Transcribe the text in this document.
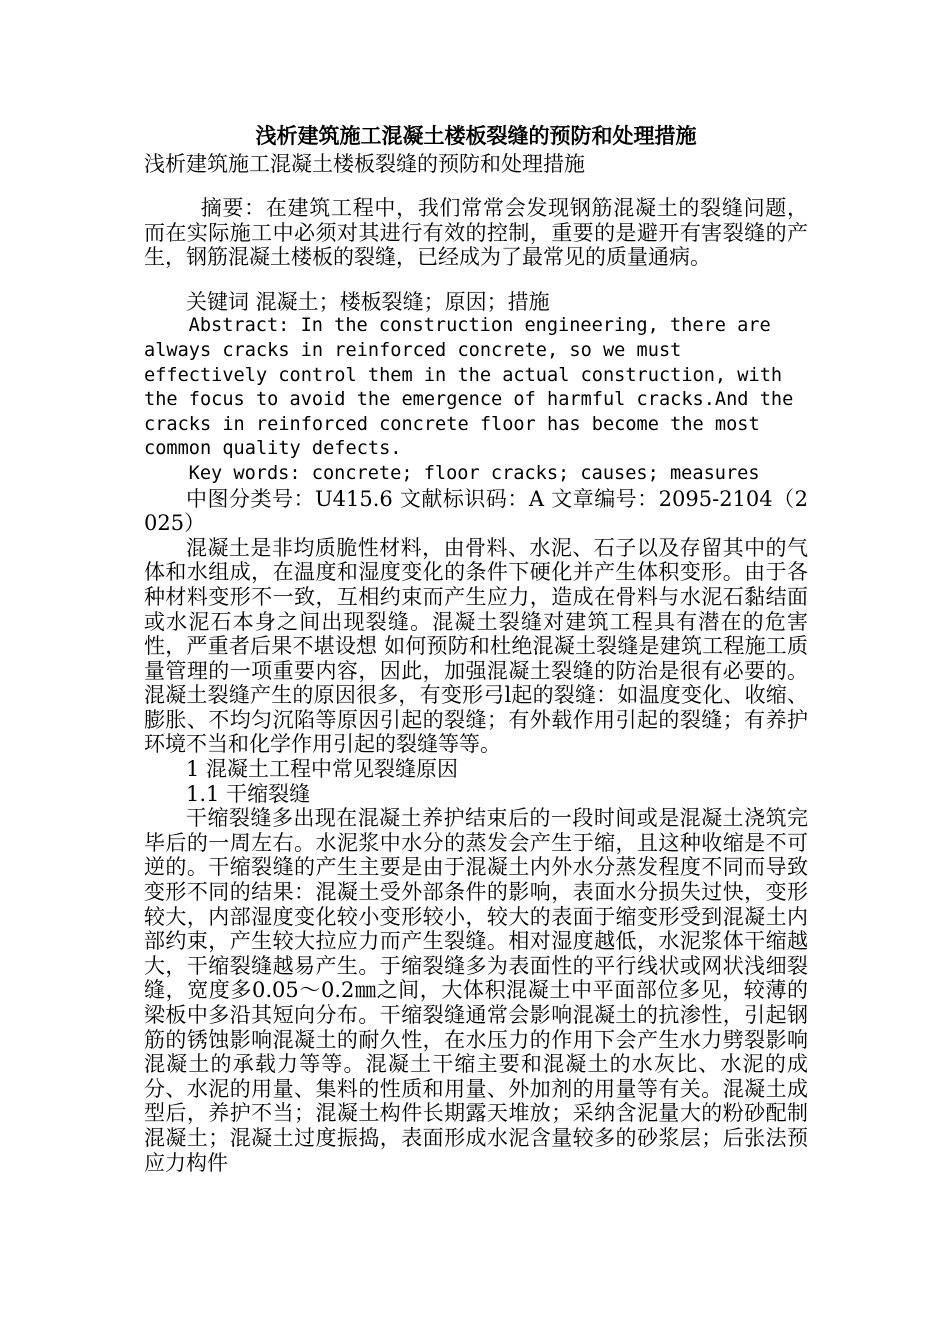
浅析建筑施工混凝土楼板裂缝的预防和处理措施

浅析建筑施工混凝土楼板裂缝的预防和处理措施

摘要：在建筑工程中，我们常常会发现钢筋混凝土的裂缝问题，而在实际施工中必须对其进行有效的控制，重要的是避开有害裂缝的产生，钢筋混凝土楼板的裂缝，已经成为了最常见的质量通病。

关键词 混凝土；楼板裂缝；原因；措施

Abstract: In the construction engineering, there are always cracks in reinforced concrete, so we must effectively control them in the actual construction, with the focus to avoid the emergence of harmful cracks.And the cracks in reinforced concrete floor has become the most common quality defects.

Key words: concrete; floor cracks; causes; measures

中图分类号：U415.6 文献标识码：A 文章编号：2095-2104（2025）

混凝土是非均质脆性材料，由骨料、水泥、石子以及存留其中的气体和水组成，在温度和湿度变化的条件下硬化并产生体积变形。由于各种材料变形不一致，互相约束而产生应力，造成在骨料与水泥石黏结面或水泥石本身之间出现裂缝。混凝土裂缝对建筑工程具有潜在的危害性，严重者后果不堪设想 如何预防和杜绝混凝土裂缝是建筑工程施工质量管理的一项重要内容，因此，加强混凝土裂缝的防治是很有必要的。混凝土裂缝产生的原因很多，有变形弓l起的裂缝：如温度变化、收缩、膨胀、不均匀沉陷等原因引起的裂缝；有外载作用引起的裂缝；有养护环境不当和化学作用引起的裂缝等等。

1 混凝土工程中常见裂缝原因

1.1 干缩裂缝

干缩裂缝多出现在混凝土养护结束后的一段时间或是混凝土浇筑完毕后的一周左右。水泥浆中水分的蒸发会产生于缩，且这种收缩是不可逆的。干缩裂缝的产生主要是由于混凝土内外水分蒸发程度不同而导致变形不同的结果：混凝土受外部条件的影响，表面水分损失过快，变形较大，内部湿度变化较小变形较小，较大的表面于缩变形受到混凝土内部约束，产生较大拉应力而产生裂缝。相对湿度越低，水泥浆体干缩越大，干缩裂缝越易产生。于缩裂缝多为表面性的平行线状或网状浅细裂缝，宽度多0.05～0.2㎜之间，大体积混凝土中平面部位多见，较薄的梁板中多沿其短向分布。干缩裂缝通常会影响混凝土的抗渗性，引起钢筋的锈蚀影响混凝土的耐久性，在水压力的作用下会产生水力劈裂影响混凝土的承载力等等。混凝土干缩主要和混凝土的水灰比、水泥的成分、水泥的用量、集料的性质和用量、外加剂的用量等有关。混凝土成型后，养护不当；混凝土构件长期露天堆放；采纳含泥量大的粉砂配制混凝土；混凝土过度振捣，表面形成水泥含量较多的砂浆层；后张法预应力构件
